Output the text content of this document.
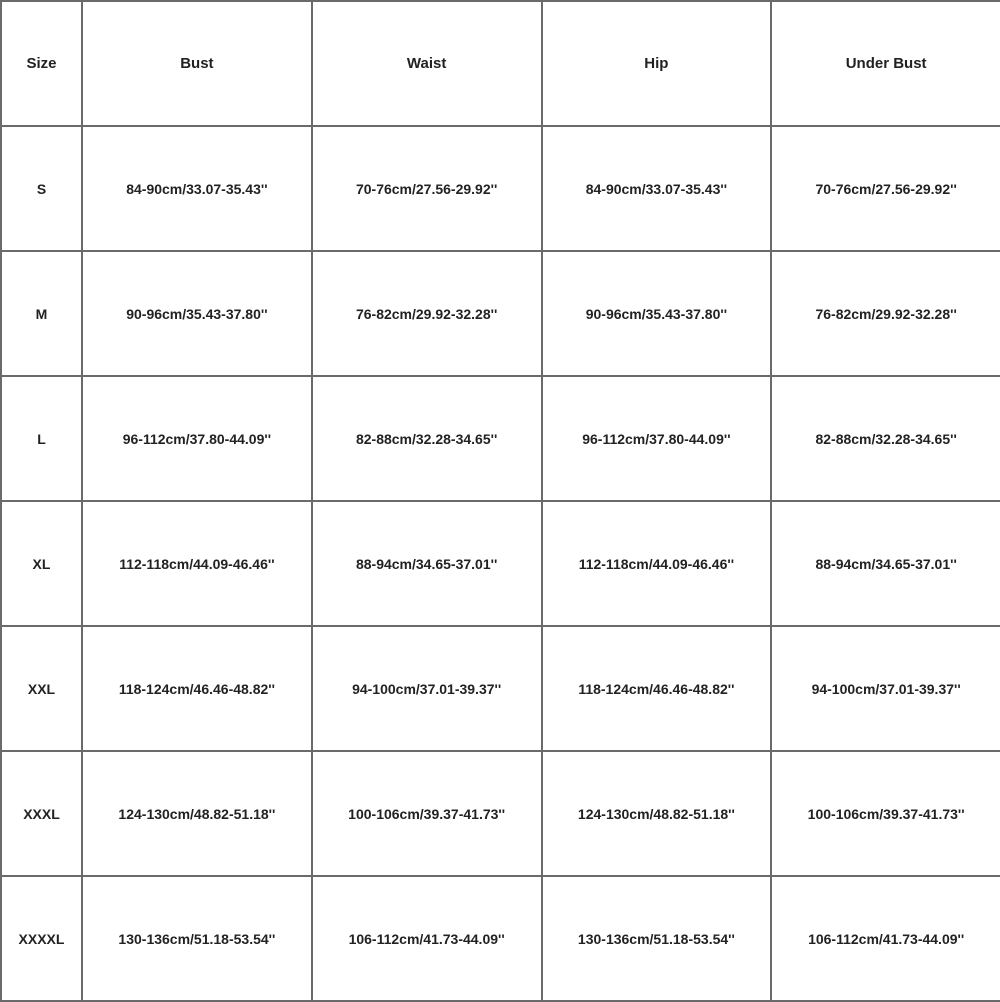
Size	Bust	Waist	Hip	Under Bust
S	84-90cm/33.07-35.43''	70-76cm/27.56-29.92''	84-90cm/33.07-35.43''	70-76cm/27.56-29.92''
M	90-96cm/35.43-37.80''	76-82cm/29.92-32.28''	90-96cm/35.43-37.80''	76-82cm/29.92-32.28''
L	96-112cm/37.80-44.09''	82-88cm/32.28-34.65''	96-112cm/37.80-44.09''	82-88cm/32.28-34.65''
XL	112-118cm/44.09-46.46''	88-94cm/34.65-37.01''	112-118cm/44.09-46.46''	88-94cm/34.65-37.01''
XXL	118-124cm/46.46-48.82''	94-100cm/37.01-39.37''	118-124cm/46.46-48.82''	94-100cm/37.01-39.37''
XXXL	124-130cm/48.82-51.18''	100-106cm/39.37-41.73''	124-130cm/48.82-51.18''	100-106cm/39.37-41.73''
XXXXL	130-136cm/51.18-53.54''	106-112cm/41.73-44.09''	130-136cm/51.18-53.54''	106-112cm/41.73-44.09''
